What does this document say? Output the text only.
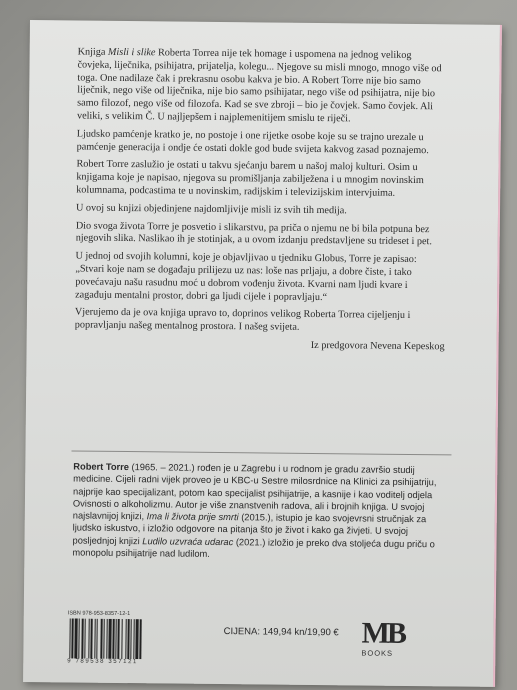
Knjiga Misli i slike Roberta Torrea nije tek homage i uspomena na jednog velikog čovjeka, liječnika, psihijatra, prijatelja, kolegu... Njegove su misli mnogo, mnogo više od toga. One nadilaze čak i prekrasnu osobu kakva je bio. A Robert Torre nije bio samo liječnik, nego više od liječnika, nije bio samo psihijatar, nego više od psihijatra, nije bio samo filozof, nego više od filozofa. Kad se sve zbroji – bio je čovjek. Samo čovjek. Ali veliki, s velikim Č. U najljepšem i najplemenitijem smislu te riječi.

Ljudsko pamćenje kratko je, no postoje i one rijetke osobe koje su se trajno urezale u pamćenje generacija i ondje će ostati dokle god bude svijeta kakvog zasad poznajemo.

Robert Torre zaslužio je ostati u takvu sjećanju barem u našoj maloj kulturi. Osim u knjigama koje je napisao, njegova su promišljanja zabilježena i u mnogim novinskim kolumnama, podcastima te u novinskim, radijskim i televizijskim intervjuima.

U ovoj su knjizi objedinjene najdomljivije misli iz svih tih medija.

Dio svoga života Torre je posvetio i slikarstvu, pa priča o njemu ne bi bila potpuna bez njegovih slika. Naslikao ih je stotinjak, a u ovom izdanju predstavljene su trideset i pet.

U jednoj od svojih kolumni, koje je objavljivao u tjedniku Globus, Torre je zapisao: „Stvari koje nam se događaju prilijezu uz nas: loše nas prljaju, a dobre čiste, i tako povećavaju našu rasudnu moć u dobrom vođenju života. Kvarni nam ljudi kvare i zagađuju mentalni prostor, dobri ga ljudi cijele i popravljaju.“

Vjerujemo da je ova knjiga upravo to, doprinos velikog Roberta Torrea cijeljenju i popravljanju našeg mentalnog prostora. I našeg svijeta.

Iz predgovora Nevena Kepeskog

Robert Torre (1965. – 2021.) rođen je u Zagrebu i u rodnom je gradu završio studij medicine. Cijeli radni vijek proveo je u KBC-u Sestre milosrdnice na Klinici za psihijatriju, najprije kao specijalizant, potom kao specijalist psihijatrije, a kasnije i kao voditelj odjela Ovisnosti o alkoholizmu. Autor je više znanstvenih radova, ali i brojnih knjiga. U svojoj najslavnijoj knjizi, Ima li života prije smrti (2015.), istupio je kao svojevrsni stručnjak za ljudsko iskustvo, i izložio odgovore na pitanja što je život i kako ga živjeti. U svojoj posljednjoj knjizi Ludilo uzvraća udarac (2021.) izložio je preko dva stoljeća dugu priču o monopolu psihijatrije nad ludilom.
ISBN 978-953-8357-12-1
9 789538 357121
CIJENA: 149,94 kn/19,90 € MB
BOOKS
